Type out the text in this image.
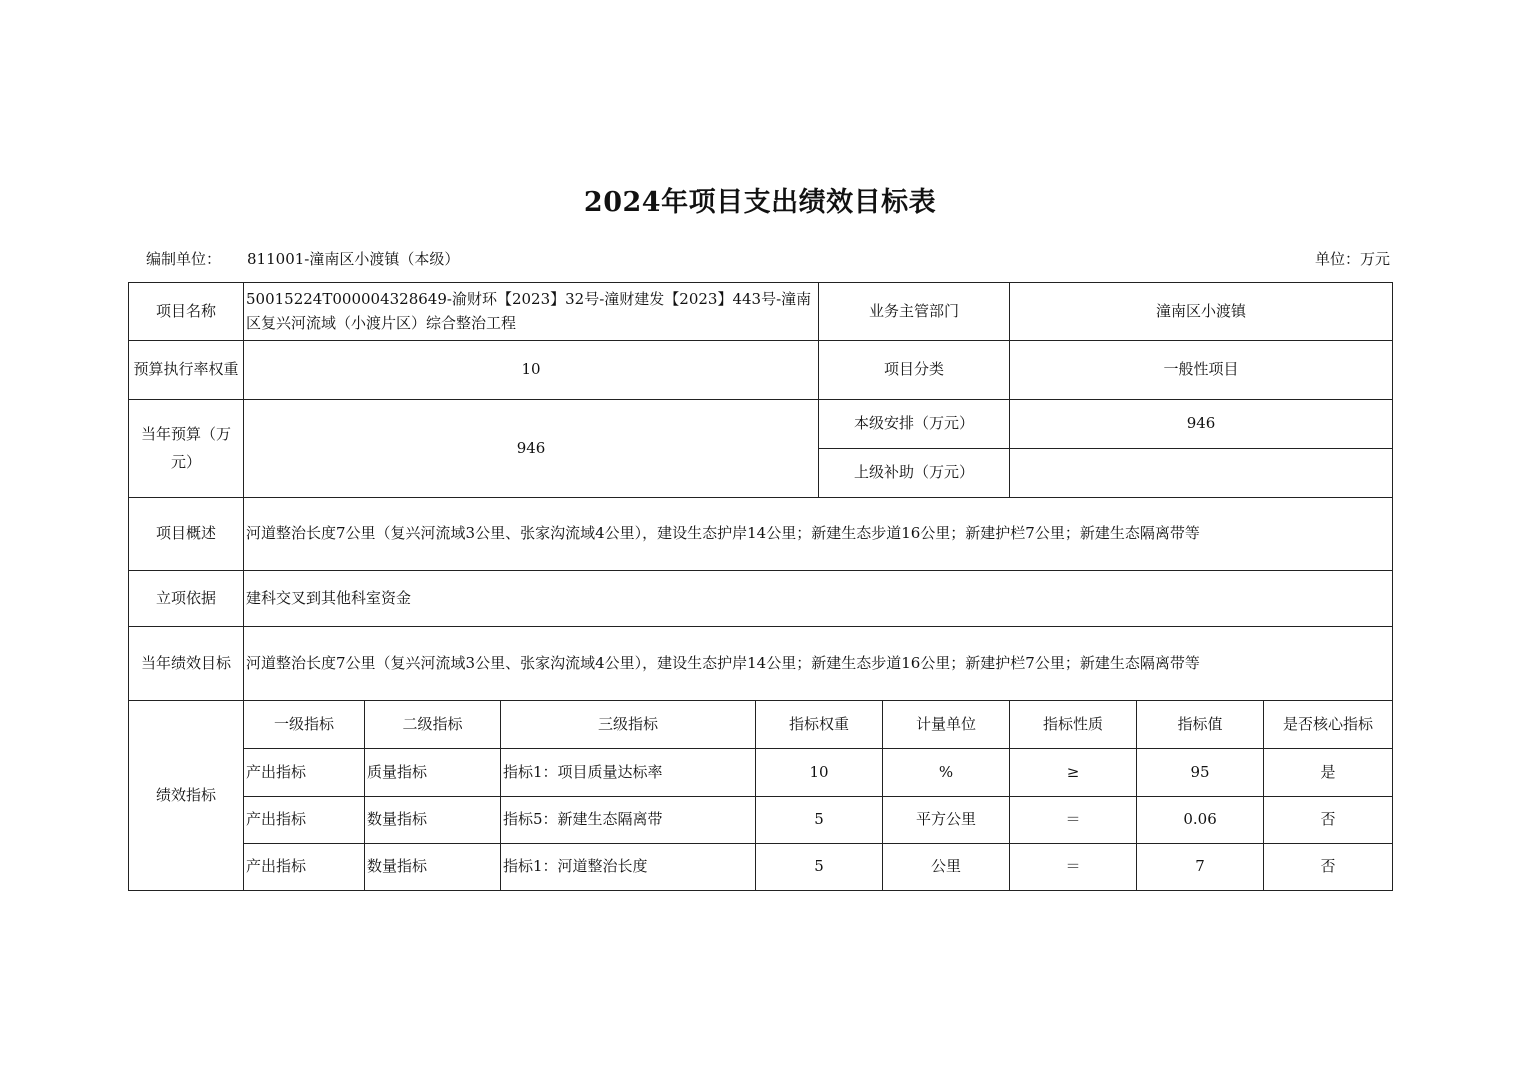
2024年项目支出绩效目标表
编制单位： 811001-潼南区小渡镇（本级）	单位：万元
项目名称	50015224T000004328649-渝财环【2023】32号-潼财建发【2023】443号-潼南区复兴河流域（小渡片区）综合整治工程				业务主管部门		潼南区小渡镇		
预算执行率权重	10				项目分类		一般性项目		
当年预算（万元）	946				本级安排（万元）		946		
					上级补助（万元）				
项目概述	河道整治长度7公里（复兴河流域3公里、张家沟流域4公里），建设生态护岸14公里；新建生态步道16公里；新建护栏7公里；新建生态隔离带等								
立项依据	建科交叉到其他科室资金								
当年绩效目标	河道整治长度7公里（复兴河流域3公里、张家沟流域4公里），建设生态护岸14公里；新建生态步道16公里；新建护栏7公里；新建生态隔离带等								
绩效指标	一级指标	二级指标	三级指标	指标权重		计量单位	指标性质	指标值	是否核心指标
	产出指标	质量指标	指标1：项目质量达标率	10		%	≥	95	是
	产出指标	数量指标	指标5：新建生态隔离带	5		平方公里	＝	0.06	否
	产出指标	数量指标	指标1：河道整治长度	5		公里	＝	7	否
